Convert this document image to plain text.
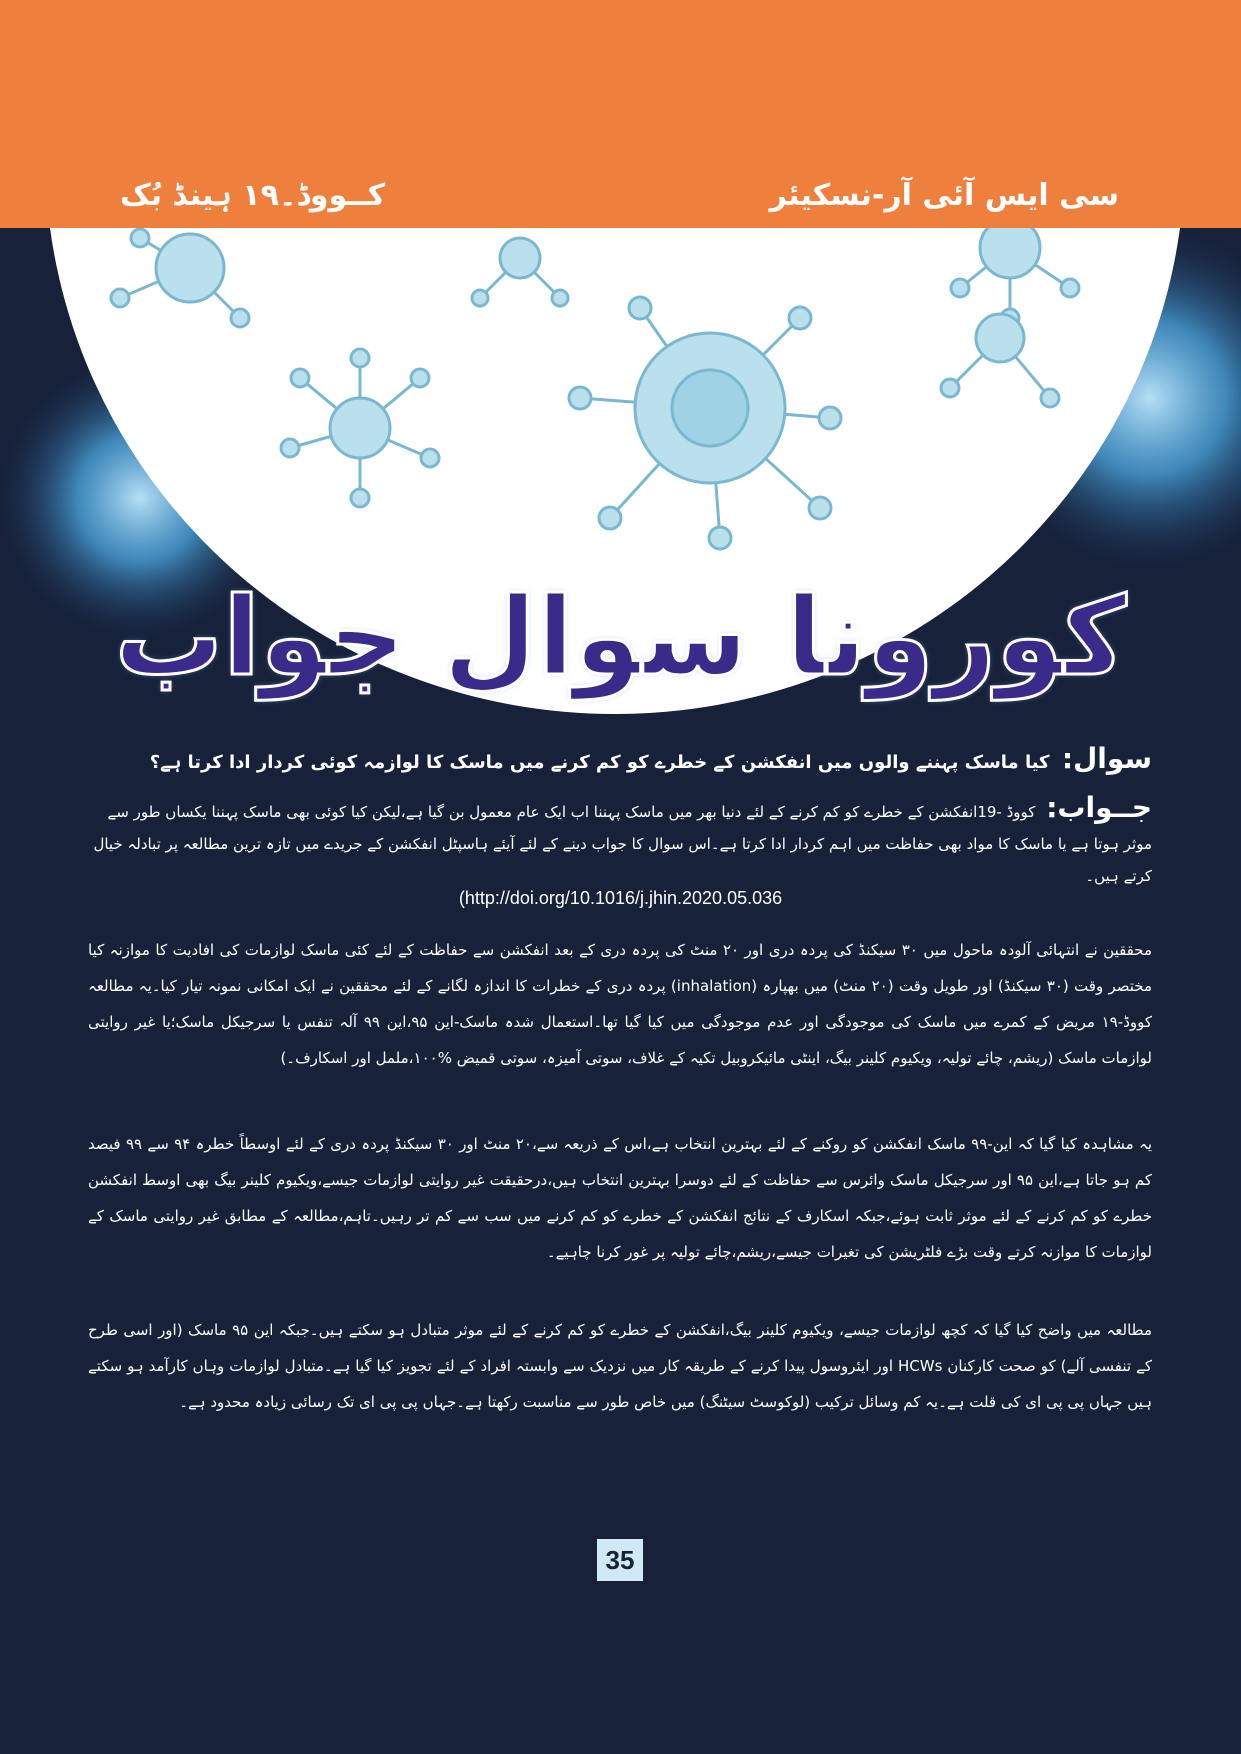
کــووڈ۔۱۹ ہینڈ بُک	سی ایس آئی آر-نسکیئر
کورونا سوال جواب
سوال: کیا ماسک پہننے والوں میں انفکشن کے خطرے کو کم کرنے میں ماسک کا لوازمہ کوئی کردار ادا کرتا ہے؟
جــواب: کووڈ -19انفکشن کے خطرے کو کم کرنے کے لئے دنیا بھر میں ماسک پہننا اب ایک عام معمول بن گیا ہے،لیکن کیا کوئی بھی ماسک پہننا یکساں طور سے موثر ہوتا ہے یا ماسک کا مواد بھی حفاظت میں اہم کردار ادا کرتا ہے۔اس سوال کا جواب دینے کے لئے آیئے ہاسپٹل انفکشن کے جریدے میں تازہ ترین مطالعہ پر تبادلہ خیال کرتے ہیں۔
(http://doi.org/10.1016/j.jhin.2020.05.036
محققین نے انتہائی آلودہ ماحول میں ۳۰ سیکنڈ کی پردہ دری اور ۲۰ منٹ کی پردہ دری کے بعد انفکشن سے حفاظت کے لئے کئی ماسک لوازمات کی افادیت کا موازنہ کیا مختصر وقت (۳۰ سیکنڈ) اور طویل وقت (۲۰ منٹ) میں بھپارہ (inhalation) پردہ دری کے خطرات کا اندازہ لگانے کے لئے محققین نے ایک امکانی نمونہ تیار کیا۔یہ مطالعہ کووڈ-۱۹ مریض کے کمرے میں ماسک کی موجودگی اور عدم موجودگی میں کیا گیا تھا۔استعمال شدہ ماسک-این ۹۵،این ۹۹ آلہ تنفس یا سرجیکل ماسک؛یا غیر روایتی لوازمات ماسک (ریشم، چائے تولیہ، ویکیوم کلینر بیگ، اینٹی مائیکروبیل تکیہ کے غلاف، سوتی آمیزہ، سوتی قمیض %۱۰۰،ململ اور اسکارف۔)
یہ مشاہدہ کیا گیا کہ این-۹۹ ماسک انفکشن کو روکنے کے لئے بہترین انتخاب ہے،اس کے ذریعہ سے،۲۰ منٹ اور ۳۰ سیکنڈ پردہ دری کے لئے اوسطاً خطرہ ۹۴ سے ۹۹ فیصد کم ہو جاتا ہے،این ۹۵ اور سرجیکل ماسک وائرس سے حفاظت کے لئے دوسرا بہترین انتخاب ہیں،درحقیقت غیر روایتی لوازمات جیسے،ویکیوم کلینر بیگ بھی اوسط انفکشن خطرے کو کم کرنے کے لئے موثر ثابت ہوئے،جبکہ اسکارف کے نتائج انفکشن کے خطرے کو کم کرنے میں سب سے کم تر رہیں۔تاہم،مطالعہ کے مطابق غیر روایتی ماسک کے لوازمات کا موازنہ کرتے وقت بڑے فلٹریشن کی تغیرات جیسے،ریشم،چائے تولیہ پر غور کرنا چاہیے۔
مطالعہ میں واضح کیا گیا کہ کچھ لوازمات جیسے، ویکیوم کلینر بیگ،انفکشن کے خطرے کو کم کرنے کے لئے موثر متبادل ہو سکتے ہیں۔جبکہ این ۹۵ ماسک (اور اسی طرح کے تنفسی آلے) کو صحت کارکنان HCWs اور ایئروسول پیدا کرنے کے طریقہ کار میں نزدیک سے وابستہ افراد کے لئے تجویز کیا گیا ہے۔متبادل لوازمات وہاں کارآمد ہو سکتے ہیں جہاں پی پی ای کی قلت ہے۔یہ کم وسائل ترکیب (لوکوسٹ سیٹنگ) میں خاص طور سے مناسبت رکھتا ہے۔جہاں پی پی ای تک رسائی زیادہ محدود ہے۔
35
